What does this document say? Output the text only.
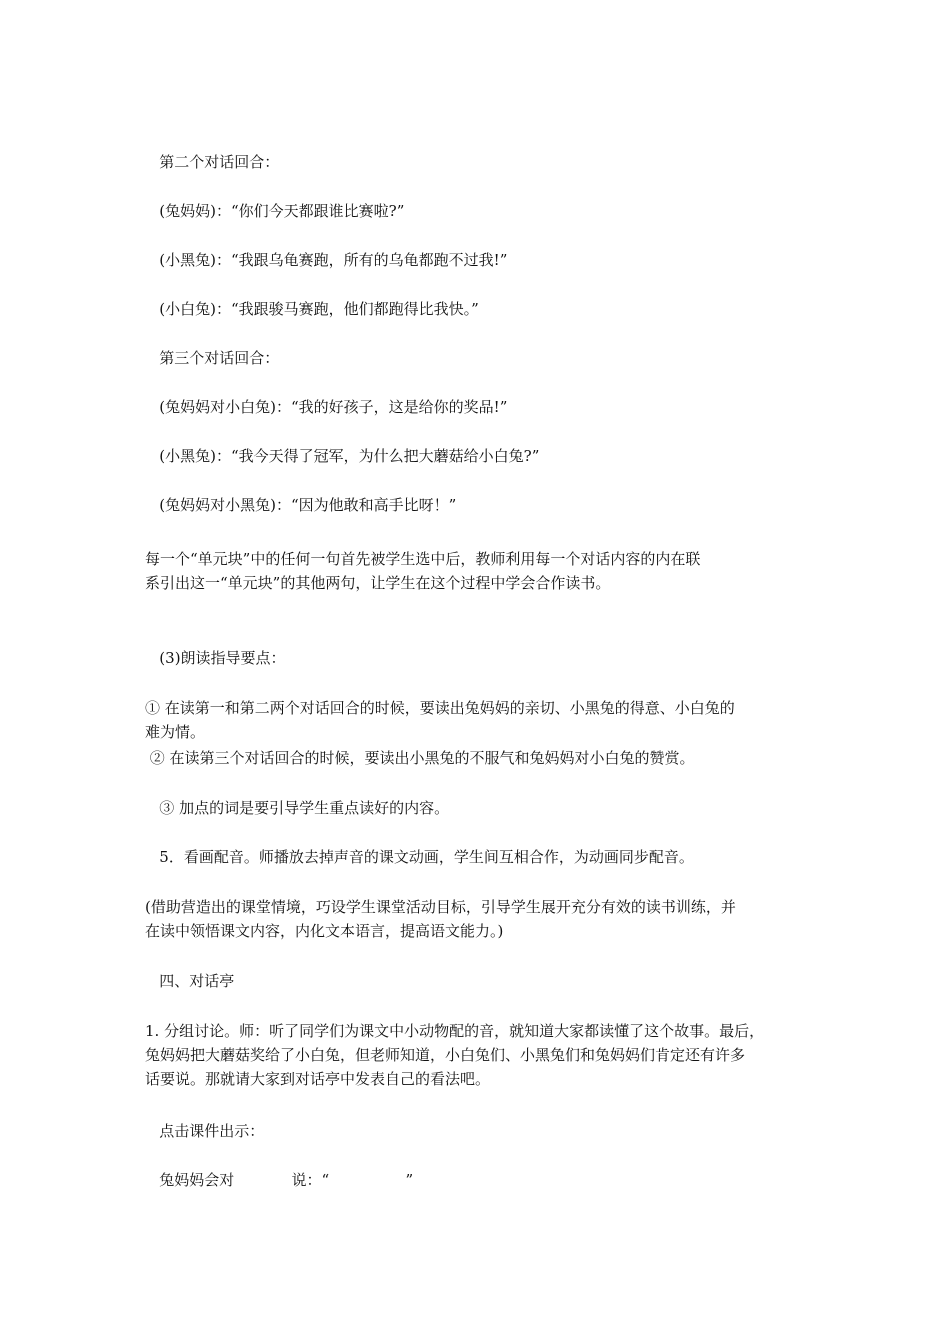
第二个对话回合：
(兔妈妈)：“你们今天都跟谁比赛啦?”
(小黑兔)：“我跟乌龟赛跑，所有的乌龟都跑不过我!”
(小白兔)：“我跟骏马赛跑，他们都跑得比我快。”
第三个对话回合：
(兔妈妈对小白兔)：“我的好孩子，这是给你的奖品!”
(小黑兔)：“我今天得了冠军，为什么把大蘑菇给小白兔?”
(兔妈妈对小黑兔)：“因为他敢和高手比呀！”

每一个“单元块”中的任何一句首先被学生选中后，教师利用每一个对话内容的内在联

系引出这一“单元块”的其他两句，让学生在这个过程中学会合作读书。

(3)朗读指导要点：

① 在读第一和第二两个对话回合的时候，要读出兔妈妈的亲切、小黑兔的得意、小白兔的

难为情。

② 在读第三个对话回合的时候，要读出小黑兔的不服气和兔妈妈对小白兔的赞赏。
③ 加点的词是要引导学生重点读好的内容。
5．看画配音。师播放去掉声音的课文动画，学生间互相合作，为动画同步配音。

(借助营造出的课堂情境，巧设学生课堂活动目标，引导学生展开充分有效的读书训练，并

在读中领悟课文内容，内化文本语言，提高语文能力。)

四、对话亭

1. 分组讨论。师：听了同学们为课文中小动物配的音，就知道大家都读懂了这个故事。最后，

兔妈妈把大蘑菇奖给了小白兔，但老师知道，小白兔们、小黑兔们和兔妈妈们肯定还有许多

话要说。那就请大家到对话亭中发表自己的看法吧。

点击课件出示：
兔妈妈会对            说：“                ”
